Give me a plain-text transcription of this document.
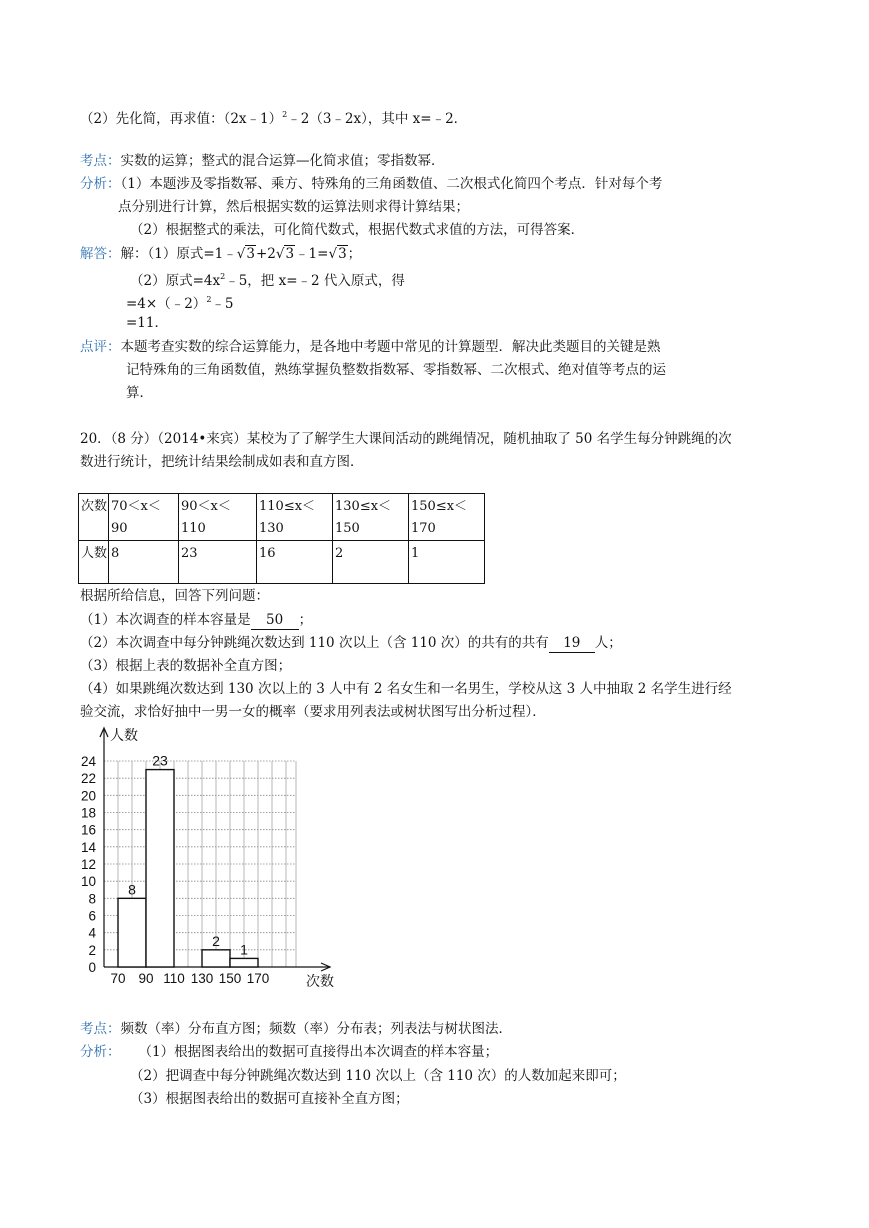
（2）先化简，再求值：（2x﹣1）$^2$﹣2（3﹣2x），其中 x=﹣2．
考点：实数的运算；整式的混合运算—化简求值；零指数幂．
分析：（1）本题涉及零指数幂、乘方、特殊角的三角函数值、二次根式化简四个考点．针对每个考
点分别进行计算，然后根据实数的运算法则求得计算结果；
（2）根据整式的乘法，可化简代数式，根据代数式求值的方法，可得答案．
解答：解：（1）原式=1﹣√3+2√3﹣1=√3；
（2）原式$=4x^2﹣5$，把 x=﹣2 代入原式，得
=4×（﹣2）$^2$﹣5
=11．
点评：本题考查实数的综合运算能力，是各地中考题中常见的计算题型．解决此类题目的关键是熟
记特殊角的三角函数值，熟练掌握负整数指数幂、零指数幂、二次根式、绝对值等考点的运
算．
20．（8 分）（2014•来宾）某校为了了解学生大课间活动的跳绳情况，随机抽取了 50 名学生每分钟跳绳的次
数进行统计，把统计结果绘制成如表和直方图．
次数	70＜x＜90	90＜x＜110	110≤x＜130	130≤x＜150	150≤x＜170
人数	8	23	16	2	1
根据所给信息，回答下列问题：
（1）本次调查的样本容量是 50 ；
（2）本次调查中每分钟跳绳次数达到 110 次以上（含 110 次）的共有的共有 19 人；
（3）根据上表的数据补全直方图；
（4）如果跳绳次数达到 130 次以上的 3 人中有 2 名女生和一名男生，学校从这 3 人中抽取 2 名学生进行经
验交流，求恰好抽中一男一女的概率（要求用列表法或树状图写出分析过程）．
8
23
2
1
0
2
4
6
8
10
12
14
16
18
20
22
24
70 90 110 130 150 170
人数
次数
考点：频数（率）分布直方图；频数（率）分布表；列表法与树状图法．
分析： （1）根据图表给出的数据可直接得出本次调查的样本容量；
（2）把调查中每分钟跳绳次数达到 110 次以上（含 110 次）的人数加起来即可；
（3）根据图表给出的数据可直接补全直方图；
